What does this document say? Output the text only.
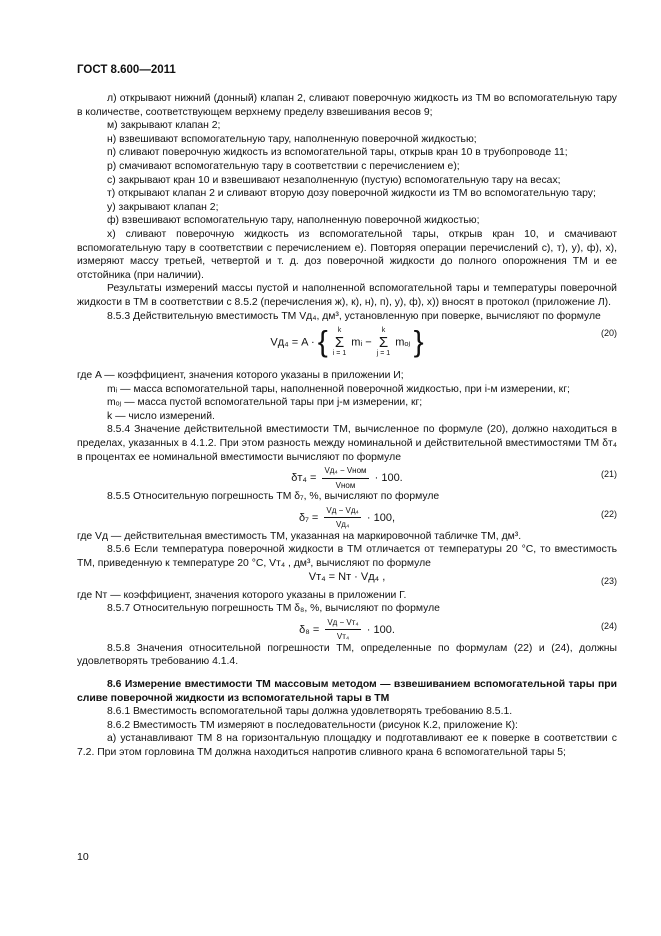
ГОСТ 8.600—2011

л) открывают нижний (донный) клапан 2, сливают поверочную жидкость из ТМ во вспомогательную тару в количестве, соответствующем верхнему пределу взвешивания весов 9;

м) закрывают клапан 2;

н) взвешивают вспомогательную тару, наполненную поверочной жидкостью;

п) сливают поверочную жидкость из вспомогательной тары, открыв кран 10 в трубопроводе 11;

р) смачивают вспомогательную тару в соответствии с перечислением е);

с) закрывают кран 10 и взвешивают незаполненную (пустую) вспомогательную тару на весах;

т) открывают клапан 2 и сливают вторую дозу поверочной жидкости из ТМ во вспомогательную тару;

у) закрывают клапан 2;

ф) взвешивают вспомогательную тару, наполненную поверочной жидкостью;

х) сливают поверочную жидкость из вспомогательной тары, открыв кран 10, и смачивают вспомогательную тару в соответствии с перечислением е). Повторяя операции перечислений с), т), у), ф), х), измеряют массу третьей, четвертой и т. д. доз поверочной жидкости до полного опорожнения ТМ и ее отстойника (при наличии).

Результаты измерений массы пустой и наполненной вспомогательной тары и температуры поверочной жидкости в ТМ в соответствии с 8.5.2 (перечисления ж), к), н), п), у), ф), х)) вносят в протокол (приложение Л).

8.5.3 Действительную вместимость ТМ Vд₄, дм³, установленную при поверке, вычисляют по формуле

Vд₄ = A · { k
Σ
i = 1 mᵢ − k
Σ
j = 1 mₒⱼ }	(20)

где A — коэффициент, значения которого указаны в приложении И;

mᵢ — масса вспомогательной тары, наполненной поверочной жидкостью, при i-м измерении, кг;

mₒⱼ — масса пустой вспомогательной тары при j-м измерении, кг;

k — число измерений.

8.5.4 Значение действительной вместимости ТМ, вычисленное по формуле (20), должно находиться в пределах, указанных в 4.1.2. При этом разность между номинальной и действительной вместимостями ТМ δт₄ в процентах ее номинальной вместимости вычисляют по формуле

$\delta т_4 = \frac{\text{Vд₄ − Vном}}{\text{Vном}} \cdot 100$.	(21)

8.5.5 Относительную погрешность ТМ δ₇, %, вычисляют по формуле

$\delta_7 = \frac{\text{Vд − Vд₄}}{\text{Vд₄}} \cdot 100$,	(22)

где Vд — действительная вместимость ТМ, указанная на маркировочной табличке ТМ, дм³.

8.5.6 Если температура поверочной жидкости в ТМ отличается от температуры 20 °С, то вместимость ТМ, приведенную к температуре 20 °С, Vт₄ , дм³, вычисляют по формуле

Vт₄ = Nт · Vд₄ ,	(23)

где Nт — коэффициент, значения которого указаны в приложении Г.

8.5.7 Относительную погрешность ТМ δ₈, %, вычисляют по формуле

$\delta_8 = \frac{\text{Vд − Vт₄}}{\text{Vт₄}} \cdot 100$.	(24)

8.5.8 Значения относительной погрешности ТМ, определенные по формулам (22) и (24), должны удовлетворять требованию 4.1.4.

8.6 Измерение вместимости ТМ массовым методом — взвешиванием вспомогательной тары при сливе поверочной жидкости из вспомогательной тары в ТМ

8.6.1 Вместимость вспомогательной тары должна удовлетворять требованию 8.5.1.

8.6.2 Вместимость ТМ измеряют в последовательности (рисунок К.2, приложение К):

а) устанавливают ТМ 8 на горизонтальную площадку и подготавливают ее к поверке в соответствии с 7.2. При этом горловина ТМ должна находиться напротив сливного крана 6 вспомогательной тары 5;

10
